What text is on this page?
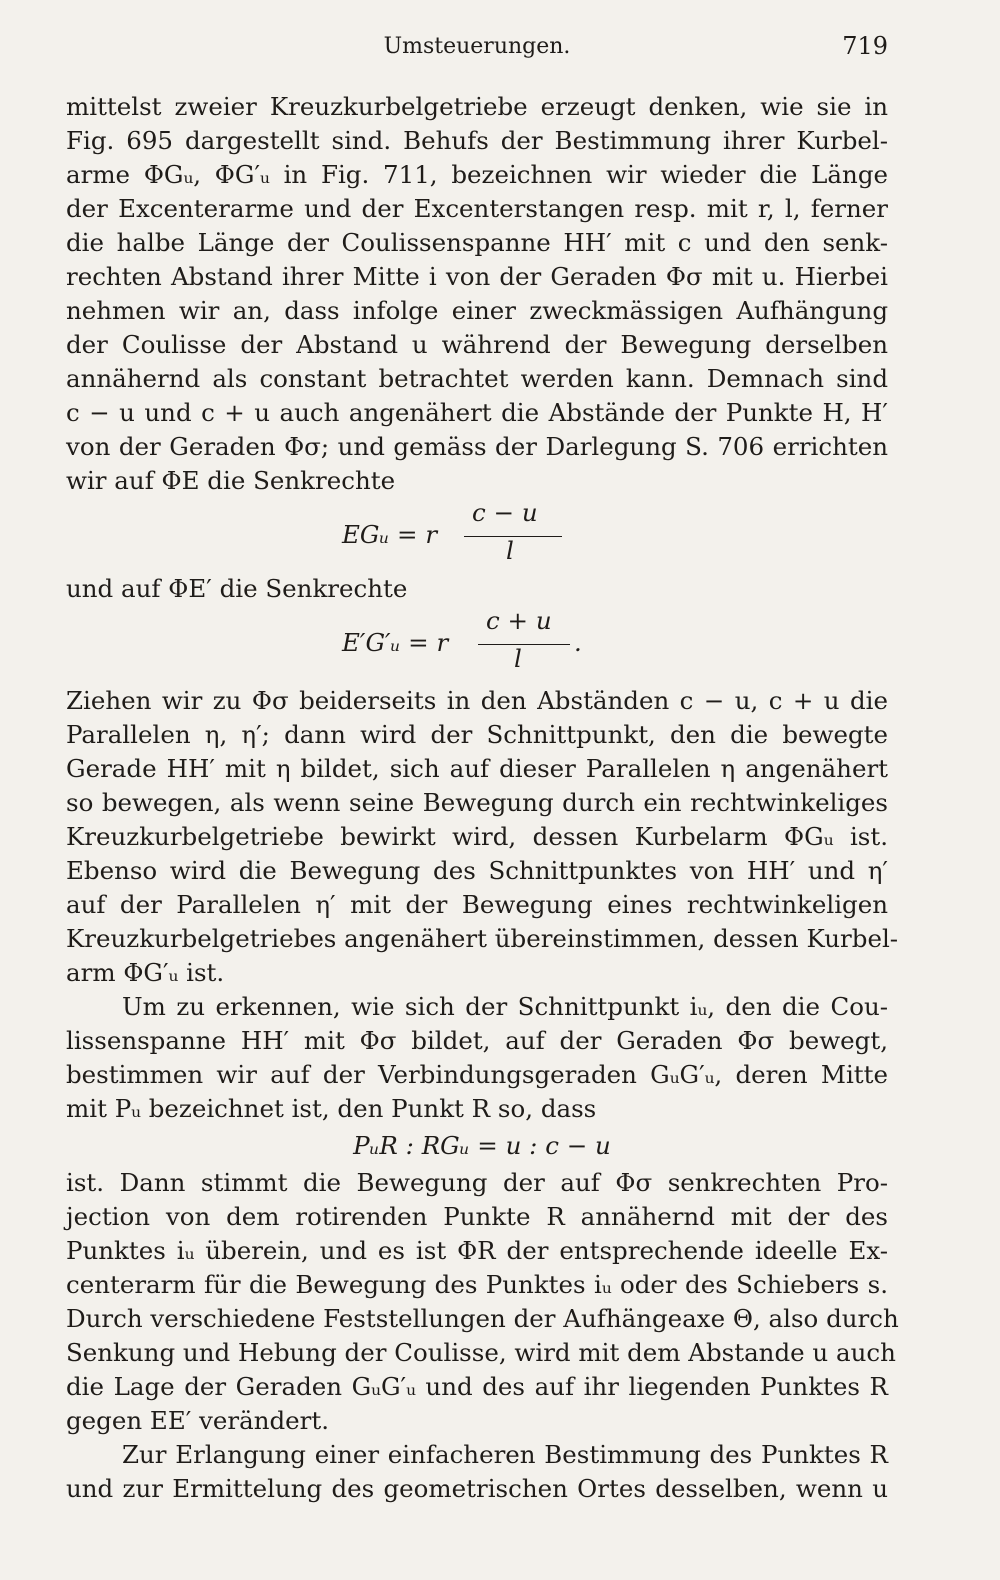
Umsteuerungen.	719
mittelst zweier Kreuzkurbelgetriebe erzeugt denken, wie sie in
Fig. 695 dargestellt sind. Behufs der Bestimmung ihrer Kurbel-
arme ΦGᵤ, ΦG′ᵤ in Fig. 711, bezeichnen wir wieder die Länge
der Excenterarme und der Excenterstangen resp. mit r, l, ferner
die halbe Länge der Coulissenspanne HH′ mit c und den senk-
rechten Abstand ihrer Mitte i von der Geraden Φσ mit u. Hierbei
nehmen wir an, dass infolge einer zweckmässigen Aufhängung
der Coulisse der Abstand u während der Bewegung derselben
annähernd als constant betrachtet werden kann. Demnach sind
c − u und c + u auch angenähert die Abstände der Punkte H, H′
von der Geraden Φσ; und gemäss der Darlegung S. 706 errichten
wir auf ΦE die Senkrechte
EGᵤ = r
c − u
l
und auf ΦE′ die Senkrechte
E′G′ᵤ = r
c + u
l
.
Ziehen wir zu Φσ beiderseits in den Abständen c − u, c + u die
Parallelen η, η′; dann wird der Schnittpunkt, den die bewegte
Gerade HH′ mit η bildet, sich auf dieser Parallelen η angenähert
so bewegen, als wenn seine Bewegung durch ein rechtwinkeliges
Kreuzkurbelgetriebe bewirkt wird, dessen Kurbelarm ΦGᵤ ist.
Ebenso wird die Bewegung des Schnittpunktes von HH′ und η′
auf der Parallelen η′ mit der Bewegung eines rechtwinkeligen
Kreuzkurbelgetriebes angenähert übereinstimmen, dessen Kurbel-
arm ΦG′ᵤ ist.
Um zu erkennen, wie sich der Schnittpunkt iᵤ, den die Cou-
lissenspanne HH′ mit Φσ bildet, auf der Geraden Φσ bewegt,
bestimmen wir auf der Verbindungsgeraden GᵤG′ᵤ, deren Mitte
mit Pᵤ bezeichnet ist, den Punkt R so, dass
PᵤR : RGᵤ = u : c − u
ist. Dann stimmt die Bewegung der auf Φσ senkrechten Pro-
jection von dem rotirenden Punkte R annähernd mit der des
Punktes iᵤ überein, und es ist ΦR der entsprechende ideelle Ex-
centerarm für die Bewegung des Punktes iᵤ oder des Schiebers s.
Durch verschiedene Feststellungen der Aufhängeaxe Θ, also durch
Senkung und Hebung der Coulisse, wird mit dem Abstande u auch
die Lage der Geraden GᵤG′ᵤ und des auf ihr liegenden Punktes R
gegen EE′ verändert.
Zur Erlangung einer einfacheren Bestimmung des Punktes R
und zur Ermittelung des geometrischen Ortes desselben, wenn u
